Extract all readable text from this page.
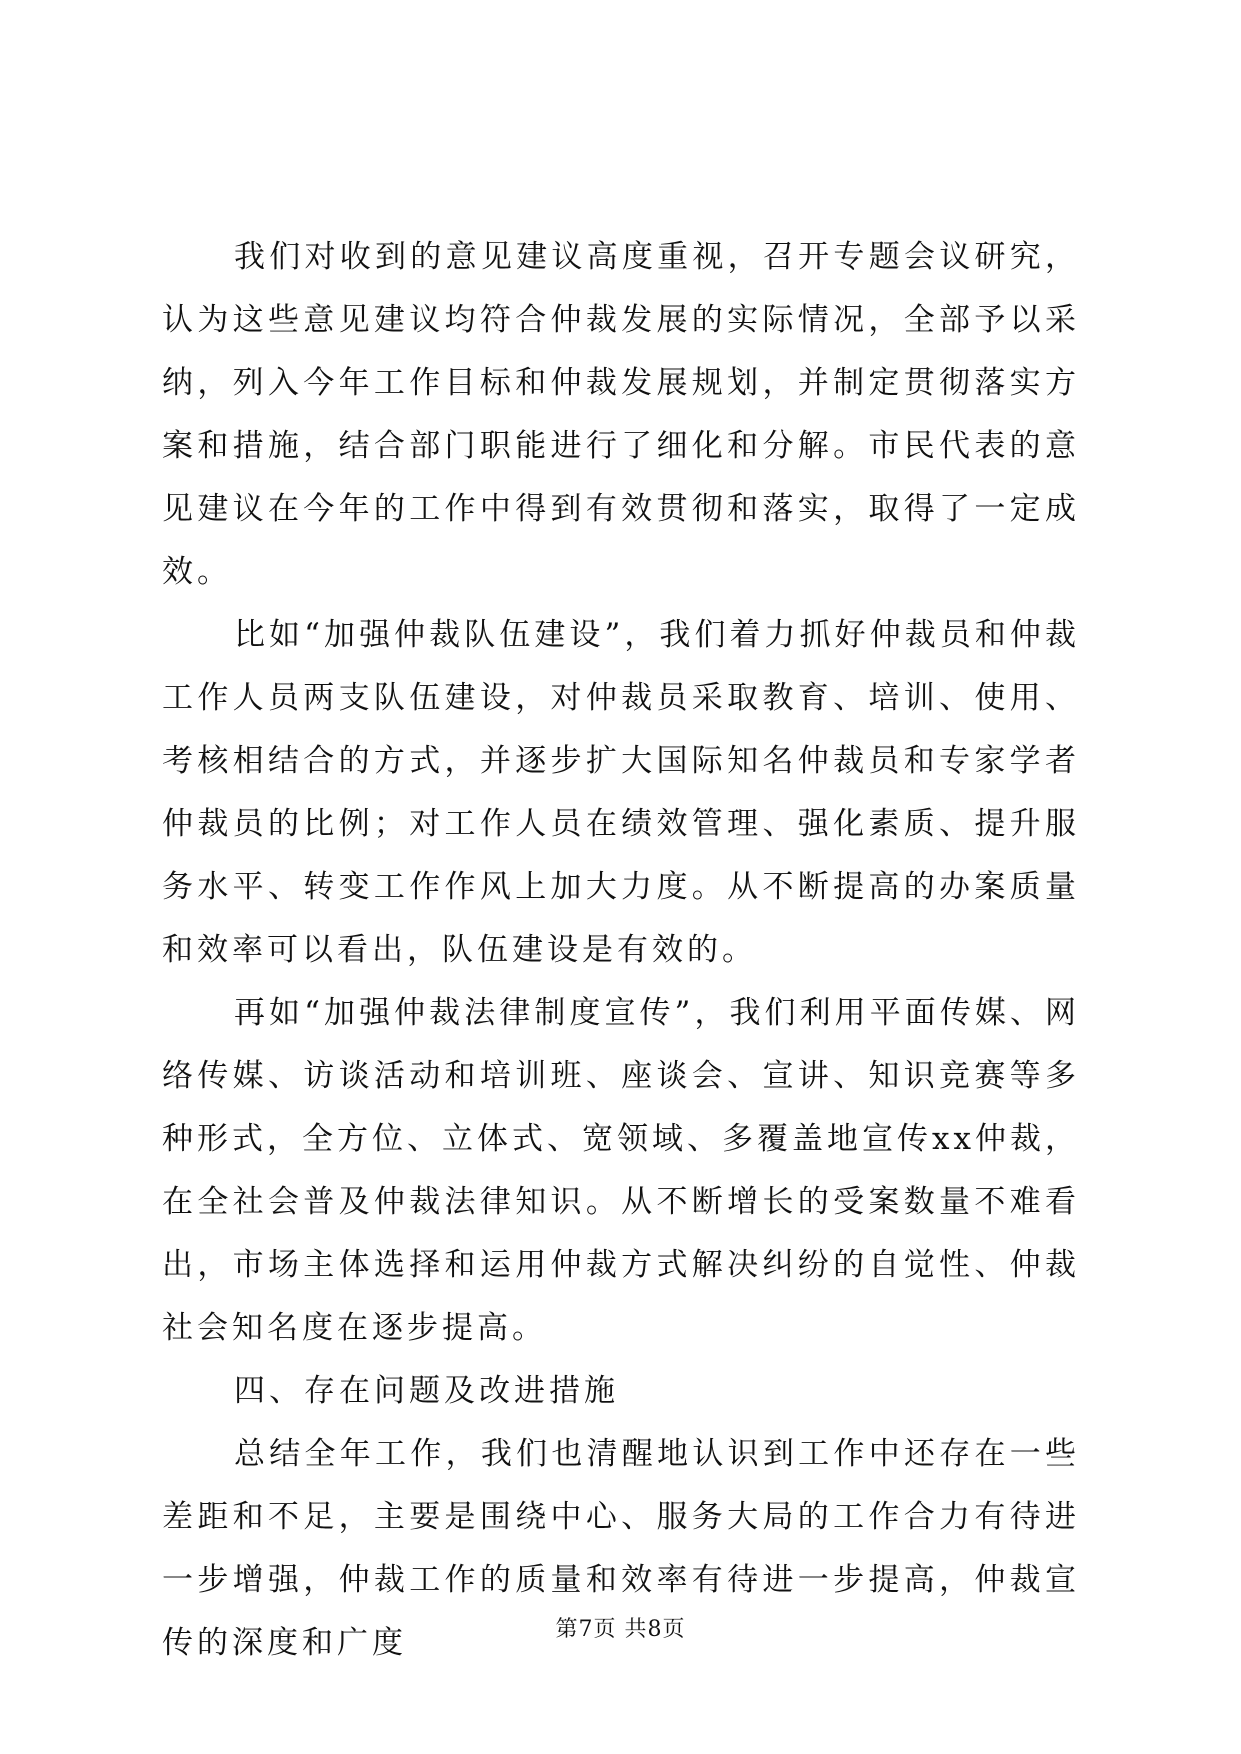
我们对收到的意见建议高度重视，召开专题会议研究，认为这些意见建议均符合仲裁发展的实际情况，全部予以采纳，列入今年工作目标和仲裁发展规划，并制定贯彻落实方案和措施，结合部门职能进行了细化和分解。市民代表的意见建议在今年的工作中得到有效贯彻和落实，取得了一定成效。

比如“加强仲裁队伍建设”，我们着力抓好仲裁员和仲裁工作人员两支队伍建设，对仲裁员采取教育、培训、使用、考核相结合的方式，并逐步扩大国际知名仲裁员和专家学者仲裁员的比例；对工作人员在绩效管理、强化素质、提升服务水平、转变工作作风上加大力度。从不断提高的办案质量和效率可以看出，队伍建设是有效的。

再如“加强仲裁法律制度宣传”，我们利用平面传媒、网络传媒、访谈活动和培训班、座谈会、宣讲、知识竞赛等多种形式，全方位、立体式、宽领域、多覆盖地宣传xx仲裁，在全社会普及仲裁法律知识。从不断增长的受案数量不难看出，市场主体选择和运用仲裁方式解决纠纷的自觉性、仲裁社会知名度在逐步提高。

四、存在问题及改进措施

总结全年工作，我们也清醒地认识到工作中还存在一些差距和不足，主要是围绕中心、服务大局的工作合力有待进一步增强，仲裁工作的质量和效率有待进一步提高，仲裁宣传的深度和广度	第7页 共8页
